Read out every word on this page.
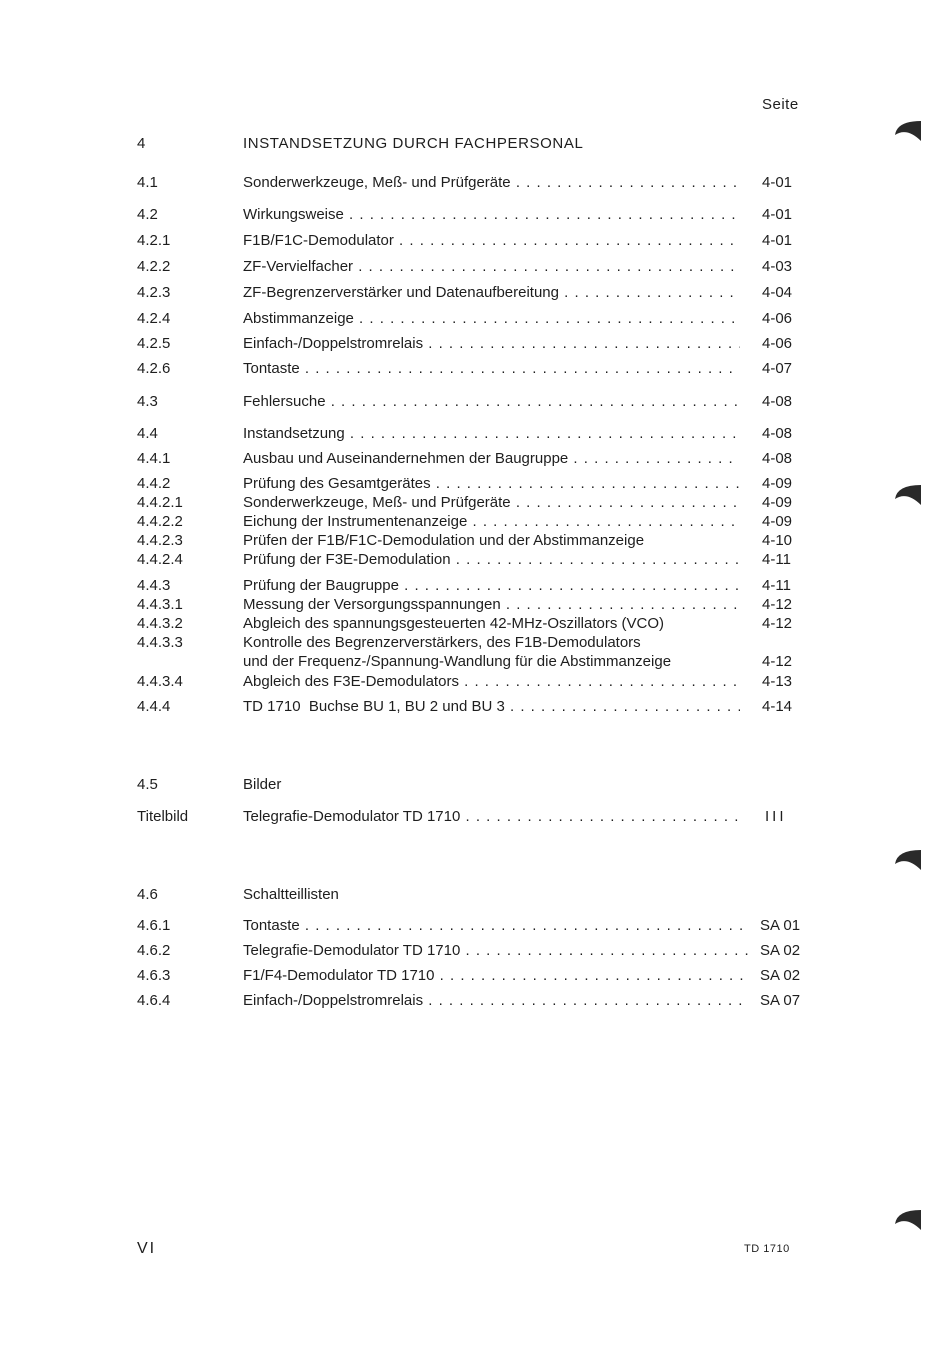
Seite
4	INSTANDSETZUNG DURCH FACHPERSONAL
4.1	Sonderwerkzeuge, Meß- und Prüfgeräte . . .	4-01
4.2	Wirkungsweise . . .	4-01
4.2.1	F1B/F1C-Demodulator . . .	4-01
4.2.2	ZF-Vervielfacher . . .	4-03
4.2.3	ZF-Begrenzerverstärker und Datenaufbereitung . . .	4-04
4.2.4	Abstimmanzeige . . .	4-06
4.2.5	Einfach-/Doppelstromrelais . . .	4-06
4.2.6	Tontaste . . .	4-07
4.3	Fehlersuche . . .	4-08
4.4	Instandsetzung . . .	4-08
4.4.1	Ausbau und Auseinandernehmen der Baugruppe . . .	4-08
4.4.2	Prüfung des Gesamtgerätes . . .	4-09
4.4.2.1	Sonderwerkzeuge, Meß- und Prüfgeräte . . .	4-09
4.4.2.2	Eichung der Instrumentenanzeige . . .	4-09
4.4.2.3	Prüfen der F1B/F1C-Demodulation und der Abstimmanzeige	4-10
4.4.2.4	Prüfung der F3E-Demodulation . . .	4-11
4.4.3	Prüfung der Baugruppe . . .	4-11
4.4.3.1	Messung der Versorgungsspannungen . . .	4-12
4.4.3.2	Abgleich des spannungsgesteuerten 42-MHz-Oszillators (VCO)	4-12
4.4.3.3	Kontrolle des Begrenzerverstärkers, des F1B-Demodulators
und der Frequenz-/Spannung-Wandlung für die Abstimmanzeige	4-12
4.4.3.4	Abgleich des F3E-Demodulators . . .	4-13
4.4.4	TD 1710  Buchse BU 1, BU 2 und BU 3 . . .	4-14
4.5	Bilder
Titelbild	Telegrafie-Demodulator TD 1710 . . .	III
4.6	Schaltteillisten
4.6.1	Tontaste . . .	SA 01
4.6.2	Telegrafie-Demodulator TD 1710 . . .	SA 02
4.6.3	F1/F4-Demodulator TD 1710 . . .	SA 02
4.6.4	Einfach-/Doppelstromrelais . . .	SA 07
VI	TD 1710
